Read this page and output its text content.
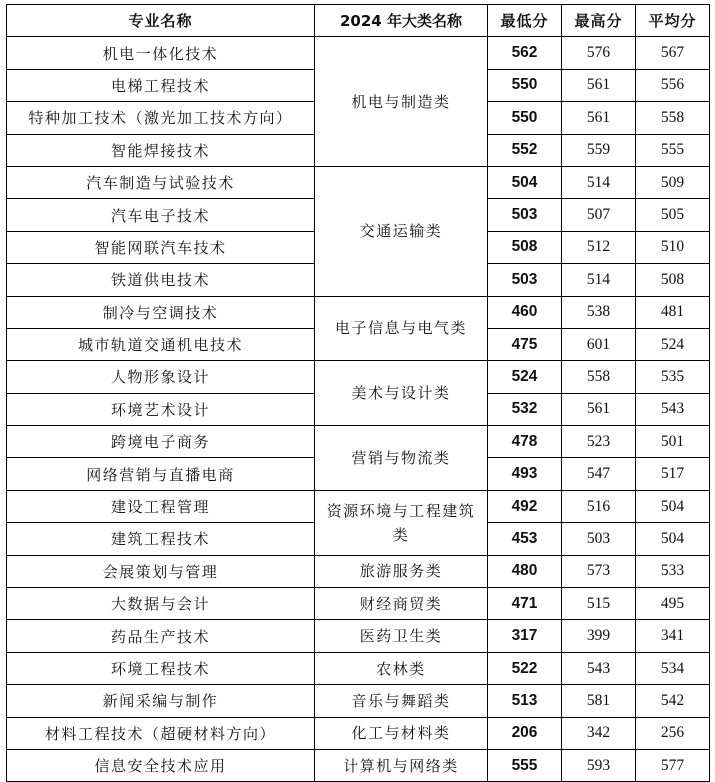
专业名称	2024 年大类名称	最低分	最高分	平均分
机电一体化技术	机电与制造类	562	576	567
电梯工程技术		550	561	556
特种加工技术（激光加工技术方向）		550	561	558
智能焊接技术		552	559	555
汽车制造与试验技术	交通运输类	504	514	509
汽车电子技术		503	507	505
智能网联汽车技术		508	512	510
铁道供电技术		503	514	508
制冷与空调技术	电子信息与电气类	460	538	481
城市轨道交通机电技术		475	601	524
人物形象设计	美术与设计类	524	558	535
环境艺术设计		532	561	543
跨境电子商务	营销与物流类	478	523	501
网络营销与直播电商		493	547	517
建设工程管理	资源环境与工程建筑类	492	516	504
建筑工程技术		453	503	504
会展策划与管理	旅游服务类	480	573	533
大数据与会计	财经商贸类	471	515	495
药品生产技术	医药卫生类	317	399	341
环境工程技术	农林类	522	543	534
新闻采编与制作	音乐与舞蹈类	513	581	542
材料工程技术（超硬材料方向）	化工与材料类	206	342	256
信息安全技术应用	计算机与网络类	555	593	577
